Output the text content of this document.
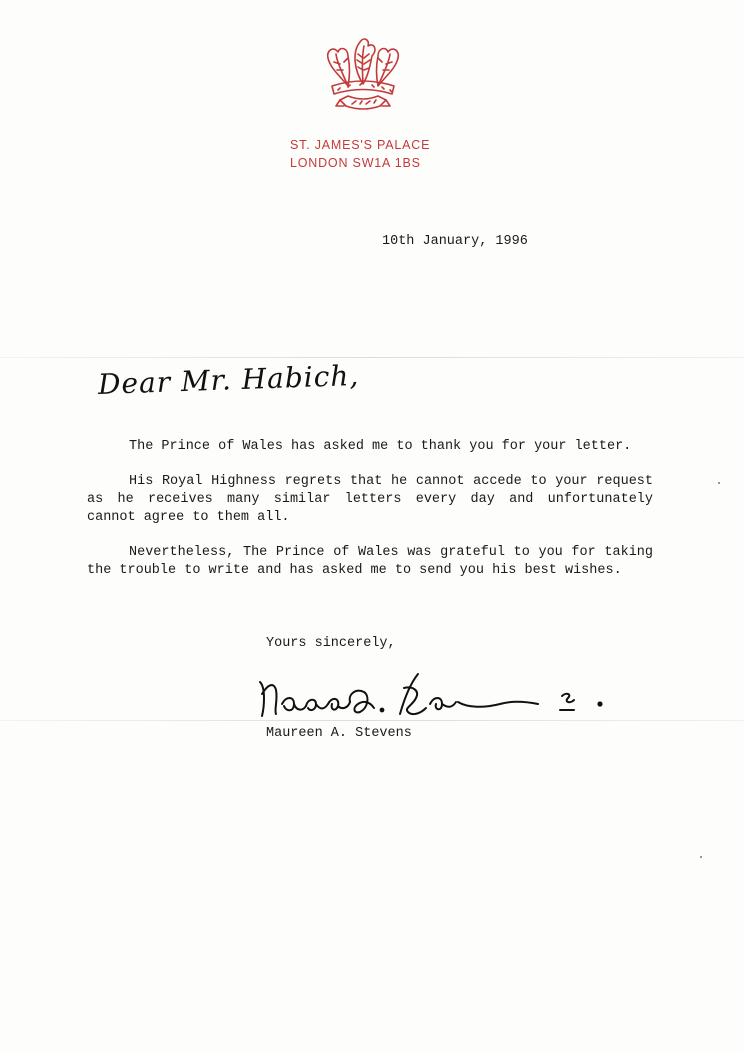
ST. JAMES'S PALACE
LONDON SW1A 1BS
10th January, 1996
Dear Mr. Habich,

The Prince of Wales has asked me to thank you for your letter.

His Royal Highness regrets that he cannot accede to your request as he receives many similar letters every day and unfortunately cannot agree to them all.

Nevertheless, The Prince of Wales was grateful to you for taking the trouble to write and has asked me to send you his best wishes.

Yours sincerely,
Maureen A. Stevens
